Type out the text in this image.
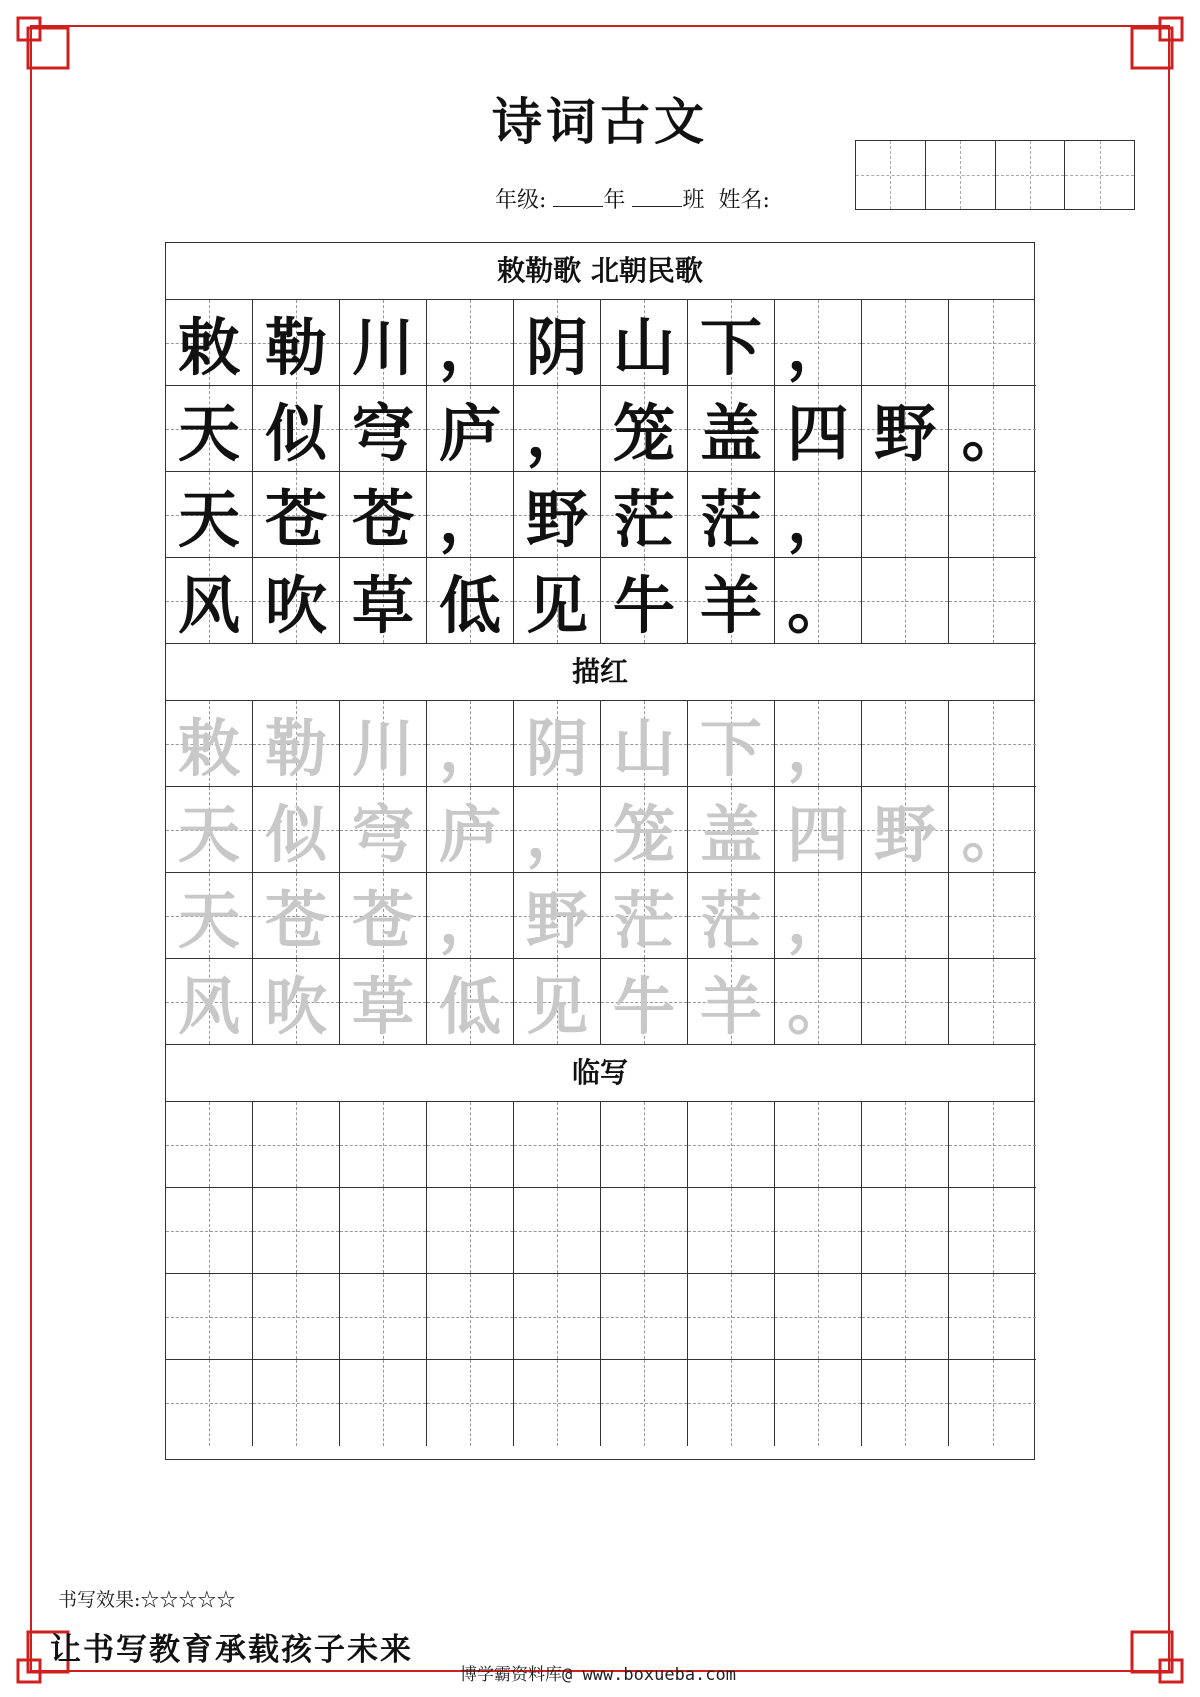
诗词古文
年级:	年	班 姓名:
敕勒歌 北朝民歌
敕 勒 川 ， 阴 山 下 ，
天 似 穹 庐 ， 笼 盖 四 野 。
天 苍 苍 ， 野 茫 茫 ，
风 吹 草 低 见 牛 羊 。
描红
敕 勒 川 ， 阴 山 下 ，
天 似 穹 庐 ， 笼 盖 四 野 。
天 苍 苍 ， 野 茫 茫 ，
风 吹 草 低 见 牛 羊 。
临写
书写效果:☆☆☆☆☆
让书写教育承载孩子未来
博学霸资料库@ www.boxueba.com
